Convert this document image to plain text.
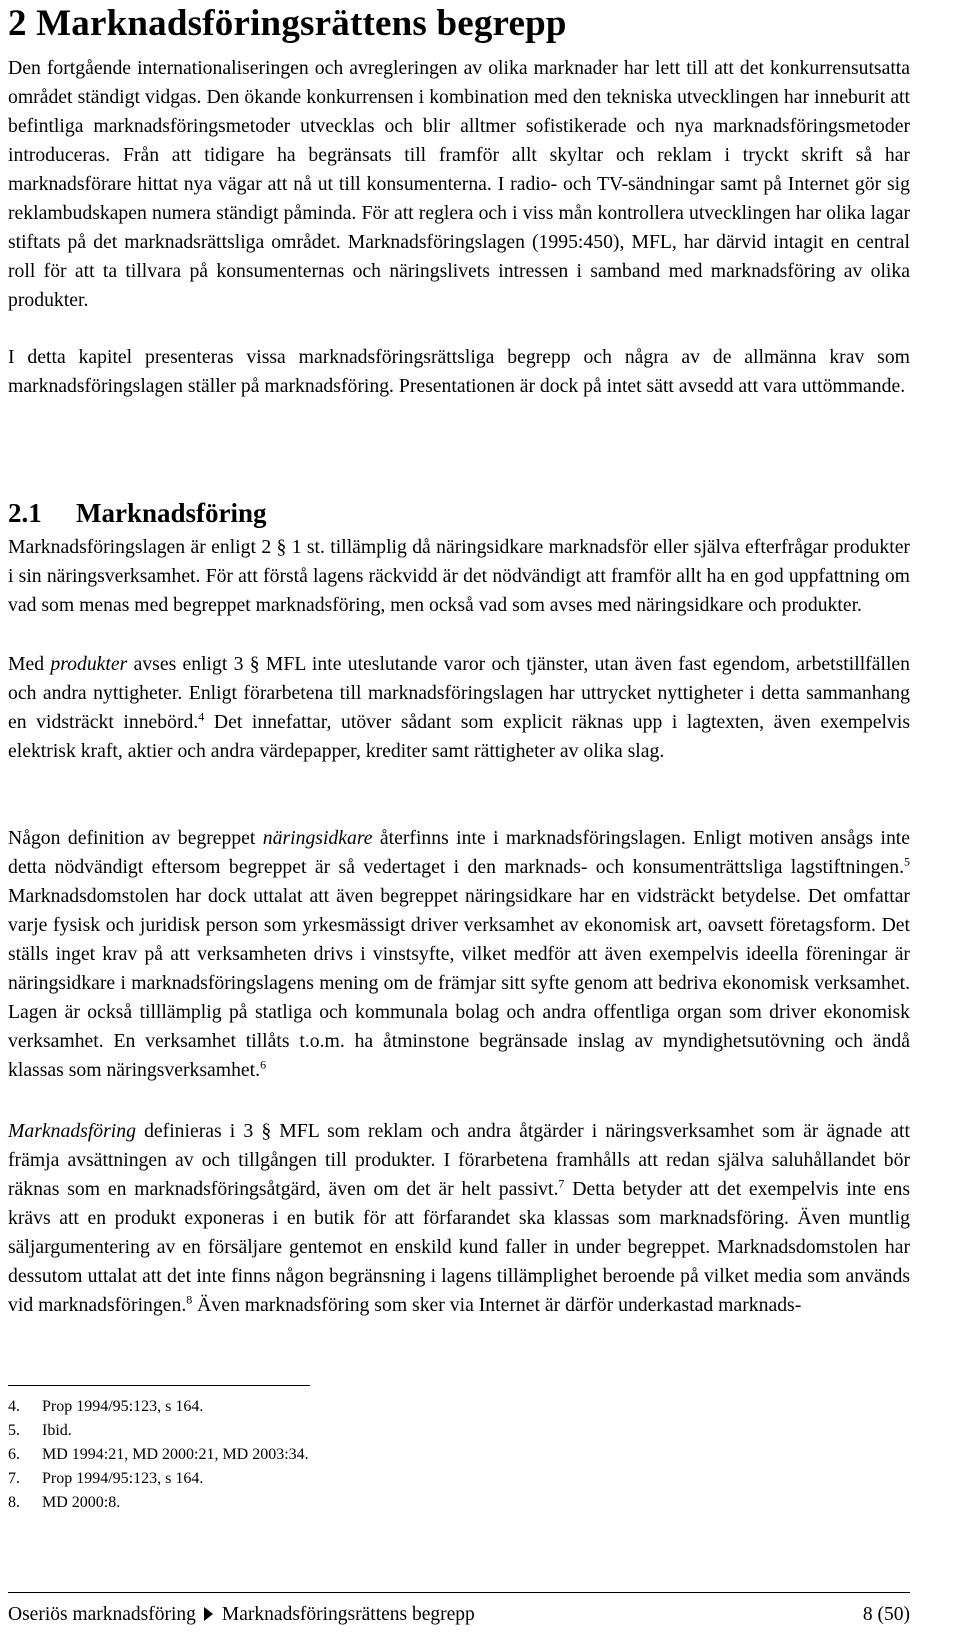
2 Marknadsföringsrättens begrepp

Den fortgående internationaliseringen och avregleringen av olika marknader har lett till att det konkurrensutsatta området ständigt vidgas. Den ökande konkurrensen i kombination med den tekniska utvecklingen har inneburit att befintliga marknadsföringsmetoder utvecklas och blir alltmer sofistikerade och nya marknadsföringsmetoder introduceras. Från att tidigare ha begränsats till framför allt skyltar och reklam i tryckt skrift så har marknadsförare hittat nya vägar att nå ut till konsumenterna. I radio- och TV-sändningar samt på Internet gör sig reklambudskapen numera ständigt påminda. För att reglera och i viss mån kontrollera utvecklingen har olika lagar stiftats på det marknadsrättsliga området. Marknadsföringslagen (1995:450), MFL, har därvid intagit en central roll för att ta tillvara på konsumenternas och näringslivets intressen i samband med marknadsföring av olika produkter.

I detta kapitel presenteras vissa marknadsföringsrättsliga begrepp och några av de allmänna krav som marknadsföringslagen ställer på marknadsföring. Presentationen är dock på intet sätt avsedd att vara uttömmande.

2.1 Marknadsföring

Marknadsföringslagen är enligt 2 § 1 st. tillämplig då näringsidkare marknadsför eller själva efterfrågar produkter i sin näringsverksamhet. För att förstå lagens räckvidd är det nödvändigt att framför allt ha en god uppfattning om vad som menas med begreppet marknadsföring, men också vad som avses med näringsidkare och produkter.

Med produkter avses enligt 3 § MFL inte uteslutande varor och tjänster, utan även fast egendom, arbetstillfällen och andra nyttigheter. Enligt förarbetena till marknadsföringslagen har uttrycket nyttigheter i detta sammanhang en vidsträckt innebörd.$^4$ Det innefattar, utöver sådant som explicit räknas upp i lagtexten, även exempelvis elektrisk kraft, aktier och andra värdepapper, krediter samt rättigheter av olika slag.

Någon definition av begreppet näringsidkare återfinns inte i marknadsföringslagen. Enligt motiven ansågs inte detta nödvändigt eftersom begreppet är så vedertaget i den marknads- och konsumenträttsliga lagstiftningen.$^5$ Marknadsdomstolen har dock uttalat att även begreppet näringsidkare har en vidsträckt betydelse. Det omfattar varje fysisk och juridisk person som yrkesmässigt driver verksamhet av ekonomisk art, oavsett företagsform. Det ställs inget krav på att verksamheten drivs i vinstsyfte, vilket medför att även exempelvis ideella föreningar är näringsidkare i marknadsföringslagens mening om de främjar sitt syfte genom att bedriva ekonomisk verksamhet. Lagen är också tilllämplig på statliga och kommunala bolag och andra offentliga organ som driver ekonomisk verksamhet. En verksamhet tillåts t.o.m. ha åtminstone begränsade inslag av myndighetsutövning och ändå klassas som näringsverksamhet.$^6$

Marknadsföring definieras i 3 § MFL som reklam och andra åtgärder i näringsverksamhet som är ägnade att främja avsättningen av och tillgången till produkter. I förarbetena framhålls att redan själva saluhållandet bör räknas som en marknadsföringsåtgärd, även om det är helt passivt.$^7$ Detta betyder att det exempelvis inte ens krävs att en produkt exponeras i en butik för att förfarandet ska klassas som marknadsföring. Även muntlig säljargumentering av en försäljare gentemot en enskild kund faller in under begreppet. Marknadsdomstolen har dessutom uttalat att det inte finns någon begränsning i lagens tillämplighet beroende på vilket media som används vid marknadsföringen.$^8$ Även marknadsföring som sker via Internet är därför underkastad marknads-

4. Prop 1994/95:123, s 164.
5. Ibid.
6. MD 1994:21, MD 2000:21, MD 2003:34.
7. Prop 1994/95:123, s 164.
8. MD 2000:8.
Oseriös marknadsföring Marknadsföringsrättens begrepp	8 (50)
